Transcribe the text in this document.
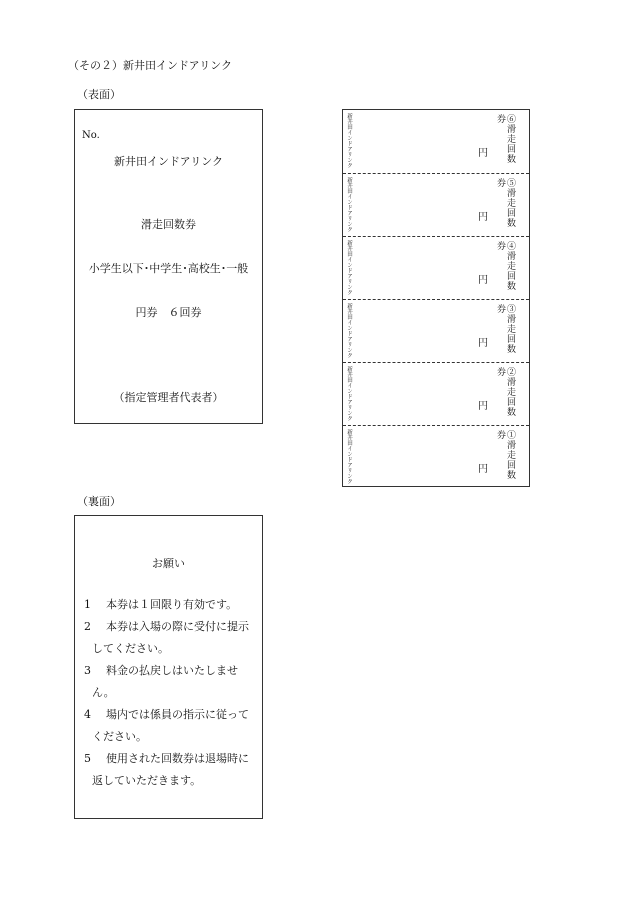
（その２）新井田インドアリンク
（表面）
No.
新井田インドアリンク
滑走回数券
小学生以下･中学生･高校生･一般
円券　６回券
（指定管理者代表者）
新井田インドアリンク	円	⑥滑走回数券
新井田インドアリンク	円	⑤滑走回数券
新井田インドアリンク	円	④滑走回数券
新井田インドアリンク	円	③滑走回数券
新井田インドアリンク	円	②滑走回数券
新井田インドアリンク	円	①滑走回数券
（裏面）
お願い
1 本券は１回限り有効です。
2 本券は入場の際に受付に提示
してください。
3 料金の払戻しはいたしませ
ん。
4 場内では係員の指示に従って
ください。
5 使用された回数券は退場時に
返していただきます。
